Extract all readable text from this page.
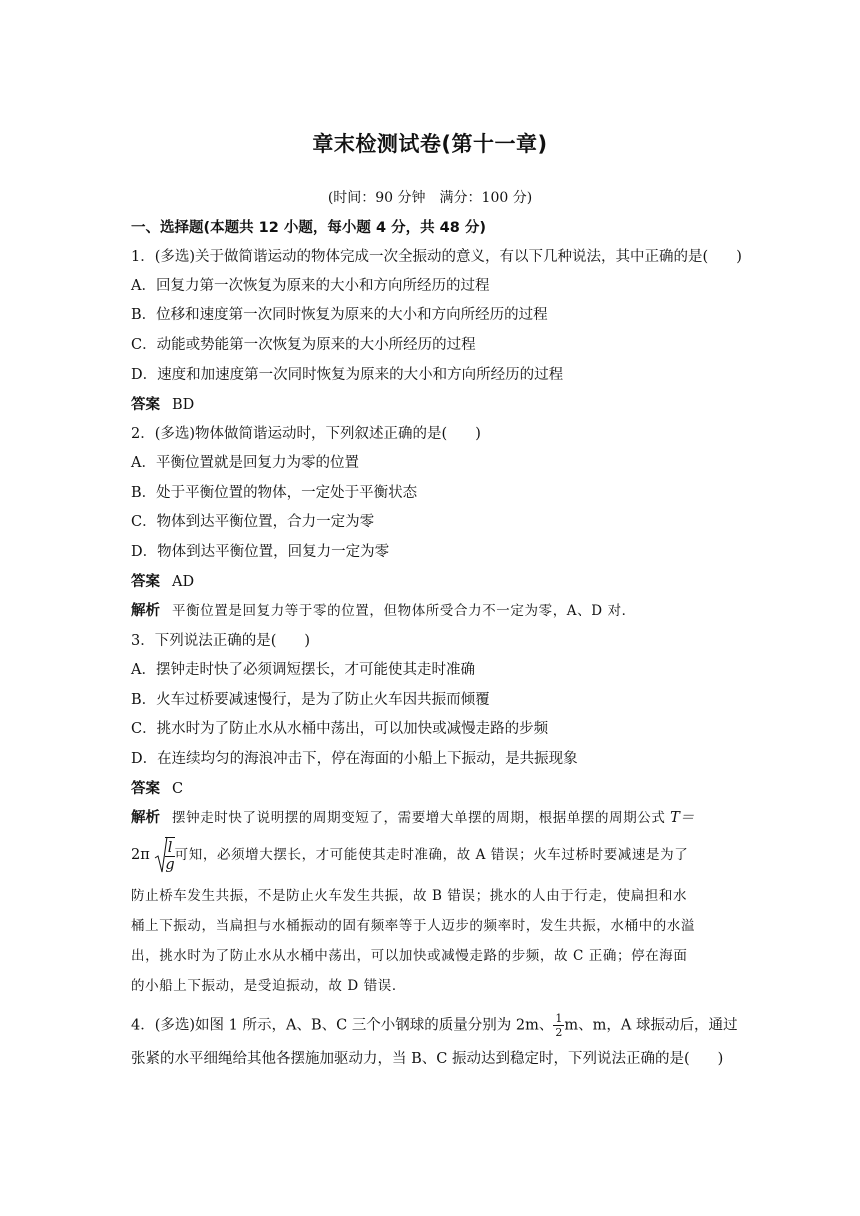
章末检测试卷(第十一章)
(时间：90 分钟　满分：100 分)
一、选择题(本题共 12 小题，每小题 4 分，共 48 分)
1．(多选)关于做简谐运动的物体完成一次全振动的意义，有以下几种说法，其中正确的是( )
A．回复力第一次恢复为原来的大小和方向所经历的过程
B．位移和速度第一次同时恢复为原来的大小和方向所经历的过程
C．动能或势能第一次恢复为原来的大小所经历的过程
D．速度和加速度第一次同时恢复为原来的大小和方向所经历的过程
答案 BD
2．(多选)物体做简谐运动时，下列叙述正确的是( )
A．平衡位置就是回复力为零的位置
B．处于平衡位置的物体，一定处于平衡状态
C．物体到达平衡位置，合力一定为零
D．物体到达平衡位置，回复力一定为零
答案 AD
解析 平衡位置是回复力等于零的位置，但物体所受合力不一定为零，A、D 对．
3．下列说法正确的是( )
A．摆钟走时快了必须调短摆长，才可能使其走时准确
B．火车过桥要减速慢行，是为了防止火车因共振而倾覆
C．挑水时为了防止水从水桶中荡出，可以加快或减慢走路的步频
D．在连续均匀的海浪冲击下，停在海面的小船上下振动，是共振现象
答案 C
解析 摆钟走时快了说明摆的周期变短了，需要增大单摆的周期，根据单摆的周期公式 T＝
$2\pi \frac{l}{g}$ 可知，必须增大摆长，才可能使其走时准确，故 A 错误；火车过桥时要减速是为了
防止桥车发生共振，不是防止火车发生共振，故 B 错误；挑水的人由于行走，使扁担和水
桶上下振动，当扁担与水桶振动的固有频率等于人迈步的频率时，发生共振，水桶中的水溢
出，挑水时为了防止水从水桶中荡出，可以加快或减慢走路的步频，故 C 正确；停在海面
的小船上下振动，是受迫振动，故 D 错误．
4．(多选)如图 1 所示，A、B、C 三个小钢球的质量分别为 2m、 $\frac{1}{2}$ m、m，A 球振动后，通过
张紧的水平细绳给其他各摆施加驱动力，当 B、C 振动达到稳定时，下列说法正确的是( )
